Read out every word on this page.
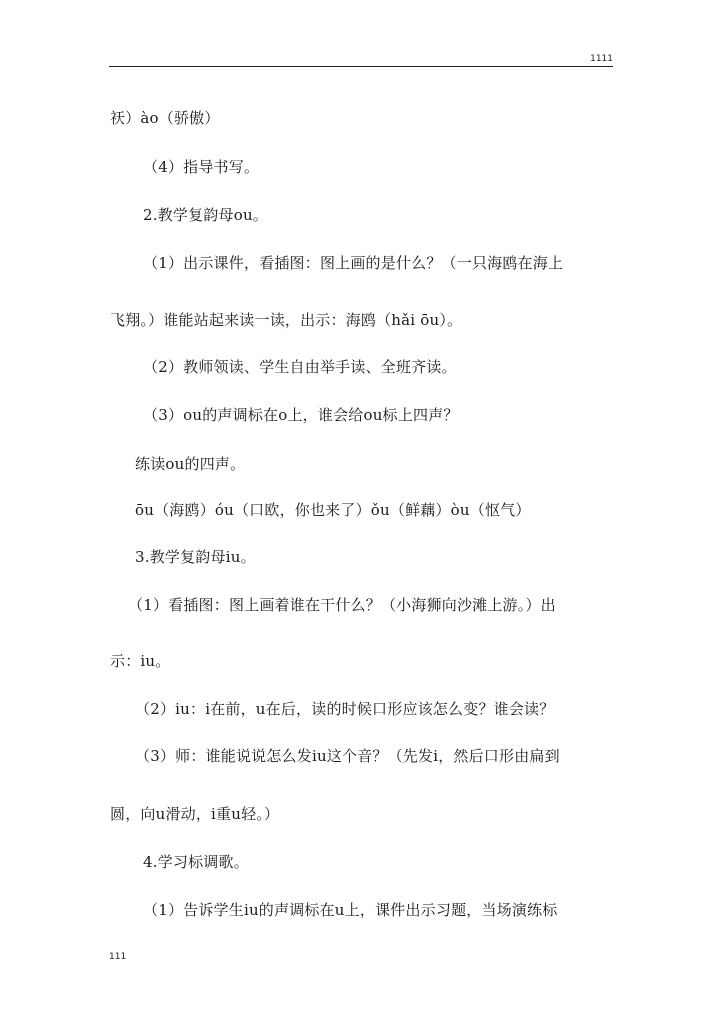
1111
祆）ào（骄傲）
（4）指导书写。
2.教学复韵母ou。
（1）出示课件，看插图：图上画的是什么？（一只海鸥在海上
飞翔。）谁能站起来读一读，出示：海鸥（hǎi ōu）。
（2）教师领读、学生自由举手读、全班齐读。
（3）ou的声调标在o上，谁会给ou标上四声？
练读ou的四声。
ōu（海鸥）óu（口欧，你也来了）ǒu（鲜藕）òu（怄气）
3.教学复韵母iu。
（1）看插图：图上画着谁在干什么？（小海狮向沙滩上游。）出
示：iu。
（2）iu：i在前，u在后，读的时候口形应该怎么变？谁会读？
（3）师：谁能说说怎么发iu这个音？（先发i，然后口形由扁到
圆，向u滑动，i重u轻。）
4.学习标调歌。
（1）告诉学生iu的声调标在u上，课件出示习题，当场演练标
111
